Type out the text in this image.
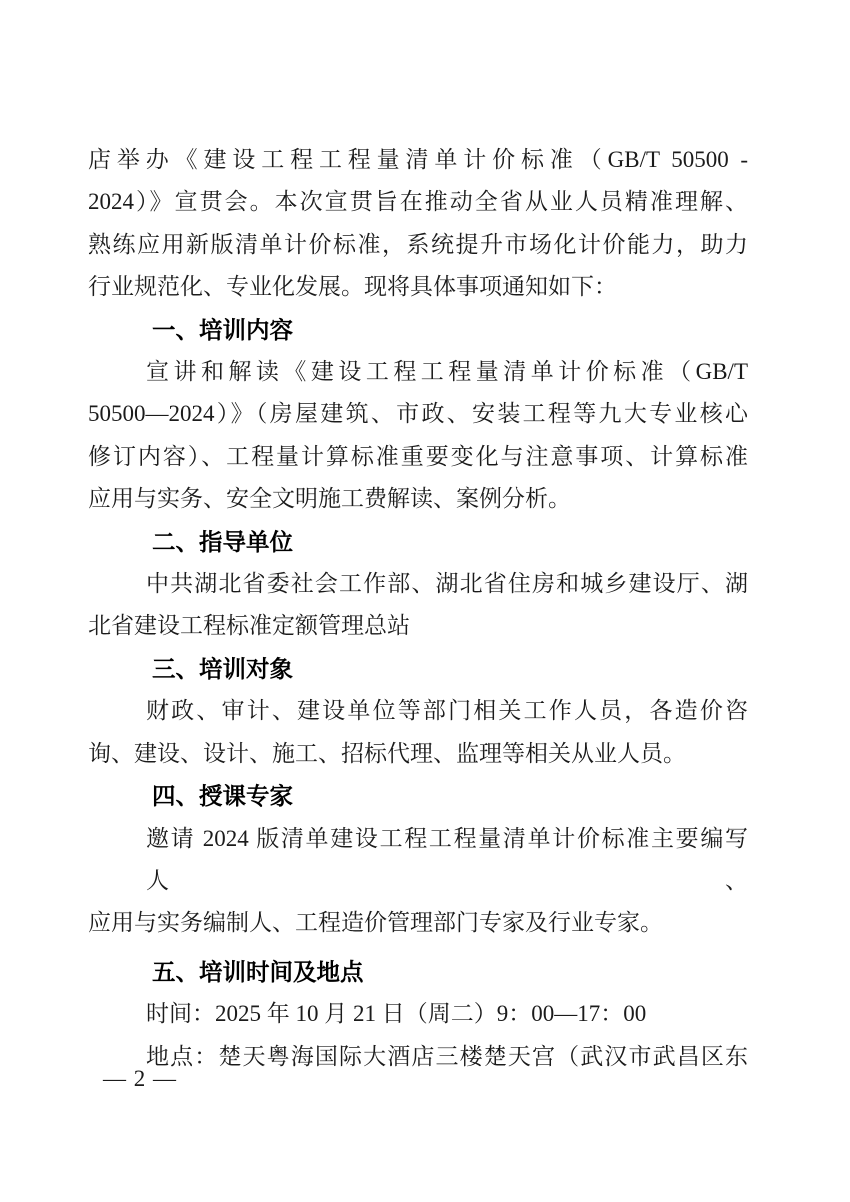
店举办《建设工程工程量清单计价标准（GB/T 50500 -
2024）》宣贯会。本次宣贯旨在推动全省从业人员精准理解、
熟练应用新版清单计价标准，系统提升市场化计价能力，助力
行业规范化、专业化发展。现将具体事项通知如下：
一、培训内容
宣讲和解读《建设工程工程量清单计价标准（GB/T
50500—2024）》（房屋建筑、市政、安装工程等九大专业核心
修订内容）、工程量计算标准重要变化与注意事项、计算标准
应用与实务、安全文明施工费解读、案例分析。
二、指导单位
中共湖北省委社会工作部、湖北省住房和城乡建设厅、湖
北省建设工程标准定额管理总站
三、培训对象
财政、审计、建设单位等部门相关工作人员，各造价咨
询、建设、设计、施工、招标代理、监理等相关从业人员。
四、授课专家
邀请 2024 版清单建设工程工程量清单计价标准主要编写人、
应用与实务编制人、工程造价管理部门专家及行业专家。
五、培训时间及地点
时间：2025 年 10 月 21 日（周二）9：00—17：00
地点：楚天粤海国际大酒店三楼楚天宫（武汉市武昌区东
— 2 —
